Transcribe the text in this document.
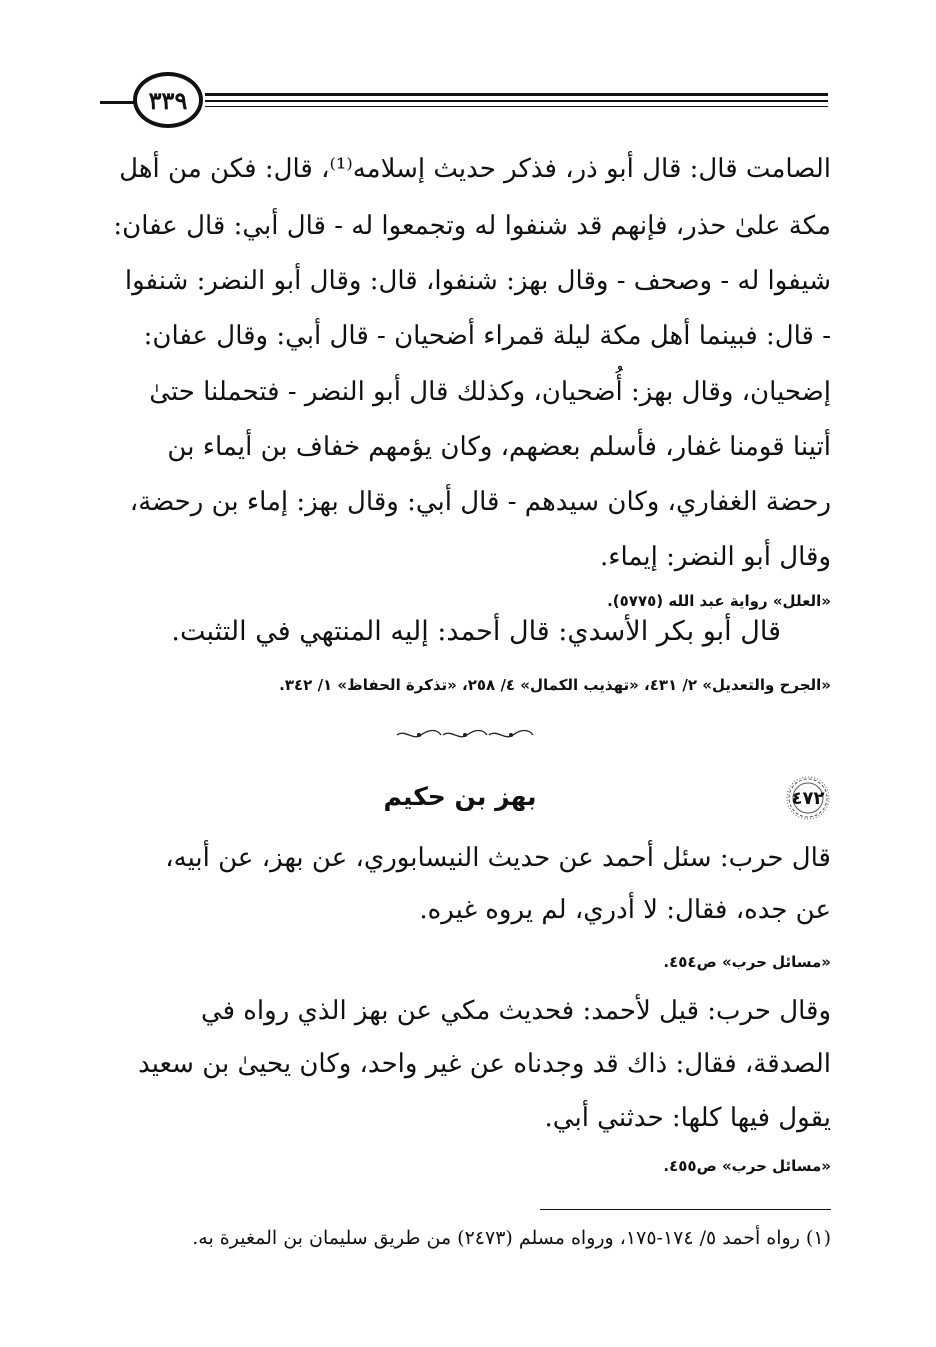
٣٣٩
الصامت قال: قال أبو ذر، فذكر حديث إسلامه⁽¹⁾، قال: فكن من أهل
مكة علىٰ حذر، فإنهم قد شنفوا له وتجمعوا له - قال أبي: قال عفان:
شيفوا له - وصحف - وقال بهز: شنفوا، قال: وقال أبو النضر: شنفوا
- قال: فبينما أهل مكة ليلة قمراء أضحيان - قال أبي: وقال عفان:
إضحيان، وقال بهز: أُضحيان، وكذلك قال أبو النضر - فتحملنا حتىٰ
أتينا قومنا غفار، فأسلم بعضهم، وكان يؤمهم خفاف بن أيماء بن
رحضة الغفاري، وكان سيدهم - قال أبي: وقال بهز: إماء بن رحضة،
وقال أبو النضر: إيماء.
«العلل» رواية عبد الله (٥٧٧٥).
قال أبو بكر الأسدي: قال أحمد: إليه المنتهي في التثبت.
«الجرح والتعديل» ٢/ ٤٣١، «تهذيب الكمال» ٤/ ٢٥٨، «تذكرة الحفاظ» ١/ ٣٤٢.
٤٧٢
بهز بن حكيم
قال حرب: سئل أحمد عن حديث النيسابوري، عن بهز، عن أبيه،
عن جده، فقال: لا أدري، لم يروه غيره.
«مسائل حرب» ص٤٥٤.
وقال حرب: قيل لأحمد: فحديث مكي عن بهز الذي رواه في
الصدقة، فقال: ذاك قد وجدناه عن غير واحد، وكان يحيىٰ بن سعيد
يقول فيها كلها: حدثني أبي.
«مسائل حرب» ص٤٥٥.
(١) رواه أحمد ٥/ ١٧٤-١٧٥، ورواه مسلم (٢٤٧٣) من طريق سليمان بن المغيرة به.
